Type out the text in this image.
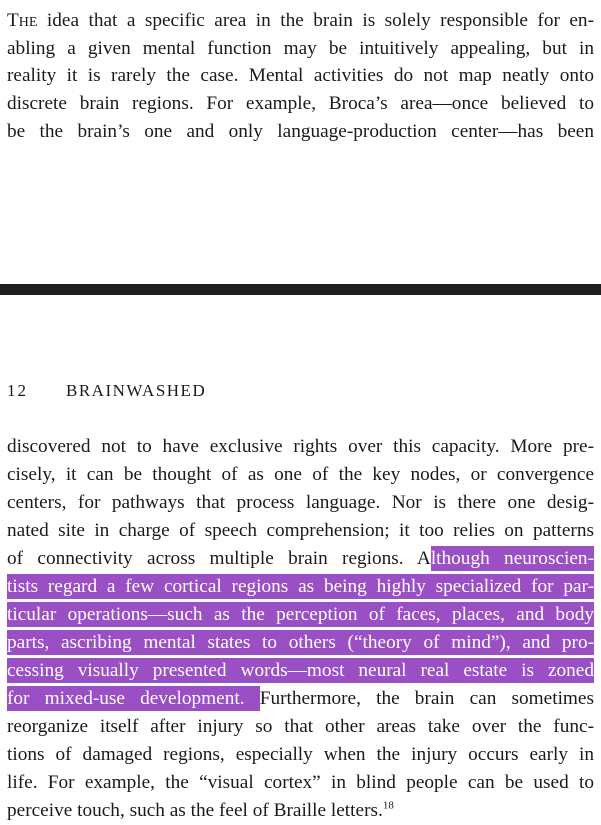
The idea that a specific area in the brain is solely responsible for en-
abling a given mental function may be intuitively appealing, but in
reality it is rarely the case. Mental activities do not map neatly onto
discrete brain regions. For example, Broca’s area—once believed to
be the brain’s one and only language-production center—has been
12 BRAINWASHED
discovered not to have exclusive rights over this capacity. More pre-
cisely, it can be thought of as one of the key nodes, or convergence
centers, for pathways that process language. Nor is there one desig-
nated site in charge of speech comprehension; it too relies on patterns
of connectivity across multiple brain regions. Although neuroscien-
tists regard a few cortical regions as being highly specialized for par-
ticular operations—such as the perception of faces, places, and body
parts, ascribing mental states to others (“theory of mind”), and pro-
cessing visually presented words—most neural real estate is zoned
for mixed-use development. Furthermore, the brain can sometimes
reorganize itself after injury so that other areas take over the func-
tions of damaged regions, especially when the injury occurs early in
life. For example, the “visual cortex” in blind people can be used to
perceive touch, such as the feel of Braille letters.$^{18}$
